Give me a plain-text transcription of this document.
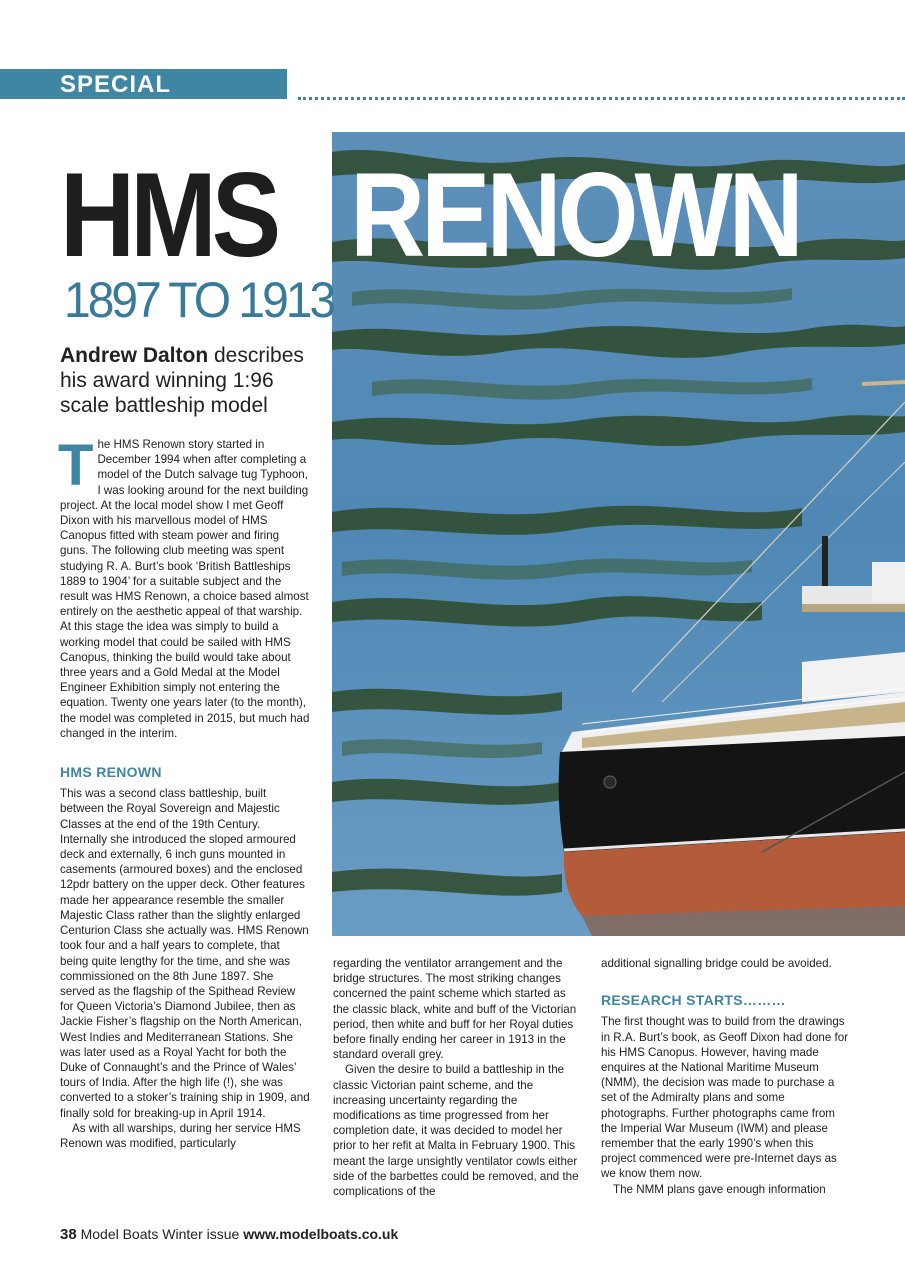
SPECIAL FEATURE
HMS RENOWN
1897 TO 1913
Andrew Dalton describes his award winning 1:96 scale battleship model

The HMS Renown story started in December 1994 when after completing a model of the Dutch salvage tug Typhoon, I was looking around for the next building project. At the local model show I met Geoff Dixon with his marvellous model of HMS Canopus fitted with steam power and firing guns. The following club meeting was spent studying R. A. Burt’s book ‘British Battleships 1889 to 1904’ for a suitable subject and the result was HMS Renown, a choice based almost entirely on the aesthetic appeal of that warship. At this stage the idea was simply to build a working model that could be sailed with HMS Canopus, thinking the build would take about three years and a Gold Medal at the Model Engineer Exhibition simply not entering the equation. Twenty one years later (to the month), the model was completed in 2015, but much had changed in the interim.

HMS RENOWN

This was a second class battleship, built between the Royal Sovereign and Majestic Classes at the end of the 19th Century. Internally she introduced the sloped armoured deck and externally, 6 inch guns mounted in casements (armoured boxes) and the enclosed 12pdr battery on the upper deck. Other features made her appearance resemble the smaller Majestic Class rather than the slightly enlarged Centurion Class she actually was. HMS Renown took four and a half years to complete, that being quite lengthy for the time, and she was commissioned on the 8th June 1897. She served as the flagship of the Spithead Review for Queen Victoria’s Diamond Jubilee, then as Jackie Fisher’s flagship on the North American, West Indies and Mediterranean Stations. She was later used as a Royal Yacht for both the Duke of Connaught’s and the Prince of Wales’ tours of India. After the high life (!), she was converted to a stoker’s training ship in 1909, and finally sold for breaking-up in April 1914.

As with all warships, during her service HMS Renown was modified, particularly

regarding the ventilator arrangement and the bridge structures. The most striking changes concerned the paint scheme which started as the classic black, white and buff of the Victorian period, then white and buff for her Royal duties before finally ending her career in 1913 in the standard overall grey.

Given the desire to build a battleship in the classic Victorian paint scheme, and the increasing uncertainty regarding the modifications as time progressed from her completion date, it was decided to model her prior to her refit at Malta in February 1900. This meant the large unsightly ventilator cowls either side of the barbettes could be removed, and the complications of the

additional signalling bridge could be avoided.

RESEARCH STARTS………

The first thought was to build from the drawings in R.A. Burt’s book, as Geoff Dixon had done for his HMS Canopus. However, having made enquires at the National Maritime Museum (NMM), the decision was made to purchase a set of the Admiralty plans and some photographs. Further photographs came from the Imperial War Museum (IWM) and please remember that the early 1990’s when this project commenced were pre-Internet days as we know them now.

The NMM plans gave enough information

38 Model Boats Winter issue www.modelboats.co.uk
